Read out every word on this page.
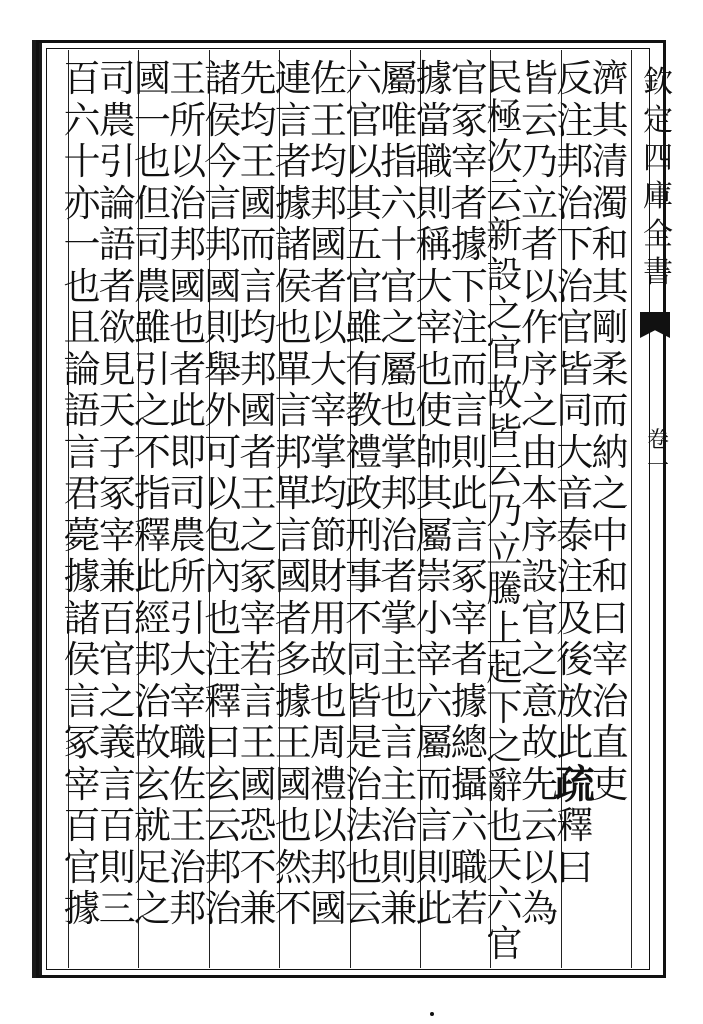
濟
其
清
濁
和
其
剛
柔
而
納
之
中
和
曰
宰
治
直
吏
反
注
邦
治
下
治
官
皆
同
大
音
泰
注
及
後
放
此
疏
釋
曰
皆
云
乃
立
者
以
作
序
之
由
本
序
設
官
之
意
故
先
云
以
為
民
極
次
云
新
設
之
官
故
皆
云
乃
立
騰
上
起
下
之
辭
也
天
六
官
官
冢
宰
者
據
下
注
而
言
則
此
言
冢
宰
者
據
總
攝
六
職
若
據
當
職
則
稱
大
宰
也
使
帥
其
屬
崇
小
宰
六
屬
而
言
則
此
屬
唯
指
六
十
官
之
屬
也
掌
邦
治
者
掌
主
也
言
主
治
則
兼
六
官
以
其
五
官
雖
有
教
禮
政
刑
事
不
同
皆
是
治
法
也
云
佐
王
均
邦
國
者
以
大
宰
掌
均
節
財
用
故
也
周
禮
以
邦
國
連
言
者
據
諸
侯
也
單
言
邦
單
言
國
者
多
據
王
國
也
然
不
先
均
王
國
而
言
均
邦
國
者
王
之
冢
宰
若
言
王
國
恐
不
兼
諸
侯
今
言
邦
國
則
舉
外
可
以
包
內
也
注
釋
曰
玄
云
邦
治
王
所
以
治
邦
國
也
者
此
即
司
農
所
引
大
宰
職
佐
王
治
邦
國
一
也
但
司
農
雖
引
之
不
指
釋
此
經
邦
治
故
玄
就
足
之
司
農
引
論
語
者
欲
見
天
子
冢
宰
兼
百
官
之
義
言
百
則
三
百
六
十
亦
一
也
且
論
語
言
君
薨
據
諸
侯
言
冢
宰
百
官
據
欽
定
四
庫
全
書
卷
一
